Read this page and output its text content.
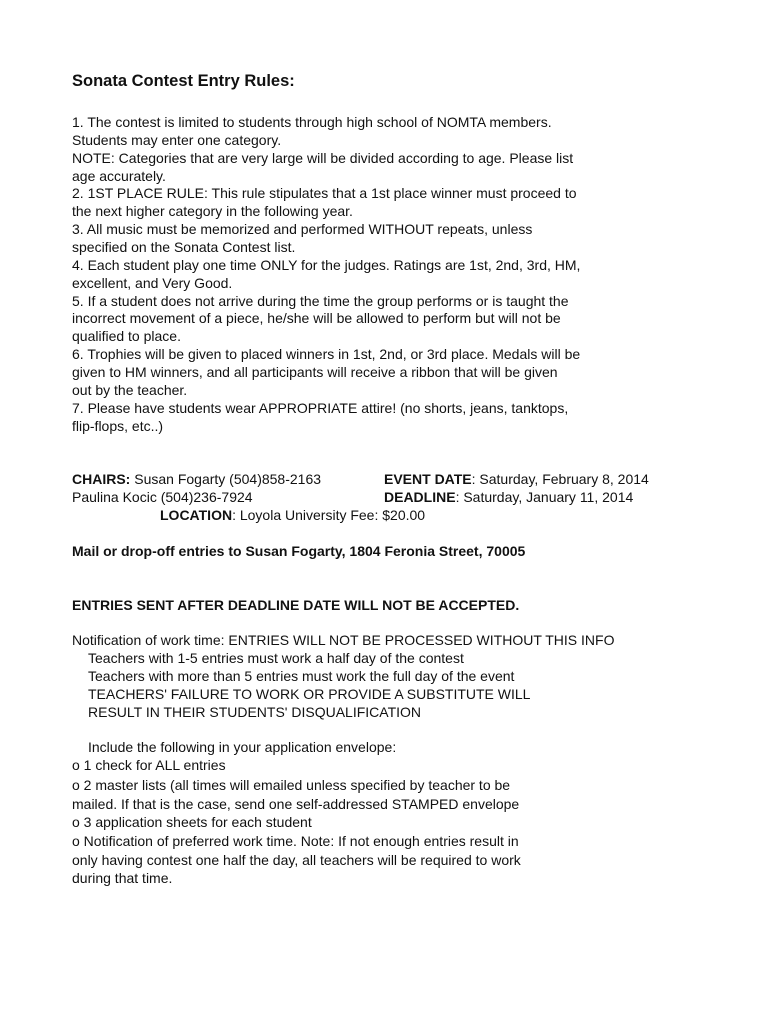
Sonata Contest Entry Rules:
1. The contest is limited to students through high school of NOMTA members.
Students may enter one category.
NOTE: Categories that are very large will be divided according to age. Please list
age accurately.
2. 1ST PLACE RULE: This rule stipulates that a 1st place winner must proceed to
the next higher category in the following year.
3. All music must be memorized and performed WITHOUT repeats, unless
specified on the Sonata Contest list.
4. Each student play one time ONLY for the judges. Ratings are 1st, 2nd, 3rd, HM,
excellent, and Very Good.
5. If a student does not arrive during the time the group performs or is taught the
incorrect movement of a piece, he/she will be allowed to perform but will not be
qualified to place.
6. Trophies will be given to placed winners in 1st, 2nd, or 3rd place. Medals will be
given to HM winners, and all participants will receive a ribbon that will be given
out by the teacher.
7. Please have students wear APPROPRIATE attire! (no shorts, jeans, tanktops,
flip-flops, etc..)
CHAIRS: Susan Fogarty (504)858-2163	EVENT DATE: Saturday, February 8, 2014
Paulina Kocic (504)236-7924	DEADLINE: Saturday, January 11, 2014
LOCATION: Loyola University Fee: $20.00
Mail or drop-off entries to Susan Fogarty, 1804 Feronia Street, 70005
ENTRIES SENT AFTER DEADLINE DATE WILL NOT BE ACCEPTED.
Notification of work time: ENTRIES WILL NOT BE PROCESSED WITHOUT THIS INFO
Teachers with 1-5 entries must work a half day of the contest
Teachers with more than 5 entries must work the full day of the event
TEACHERS' FAILURE TO WORK OR PROVIDE A SUBSTITUTE WILL
RESULT IN THEIR STUDENTS' DISQUALIFICATION
Include the following in your application envelope:
o 1 check for ALL entries
o 2 master lists (all times will emailed unless specified by teacher to be
mailed. If that is the case, send one self-addressed STAMPED envelope
o 3 application sheets for each student
o Notification of preferred work time. Note: If not enough entries result in
only having contest one half the day, all teachers will be required to work
during that time.
